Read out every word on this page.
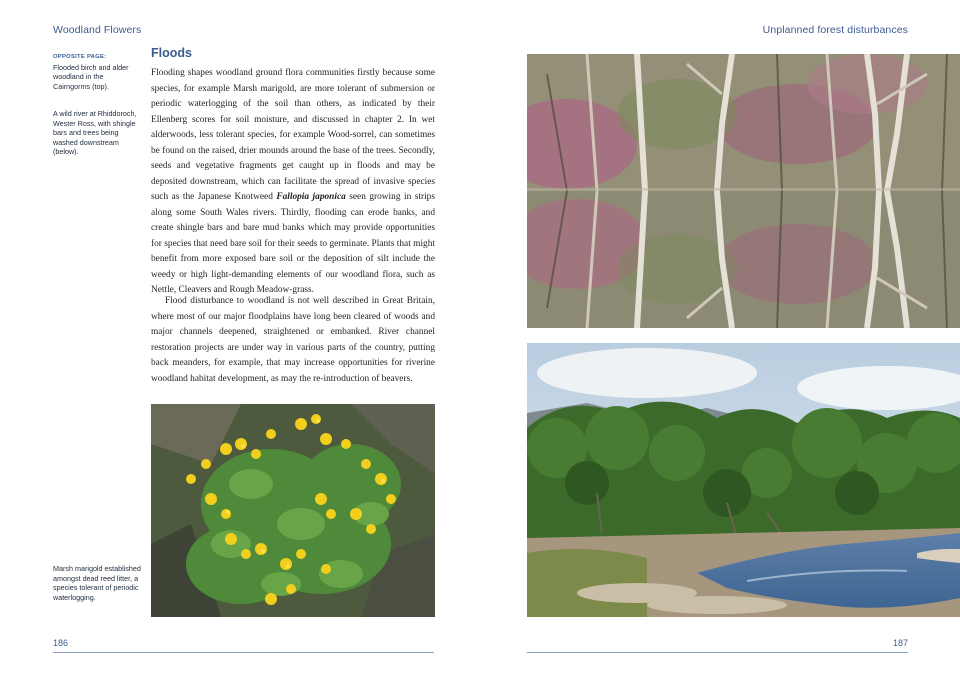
Woodland Flowers	Unplanned forest disturbances
OPPOSITE PAGE:
Flooded birch and alder woodland in the Cairngorms (top).
A wild river at Rhiddoroch, Wester Ross, with shingle bars and trees being washed downstream (below).
Marsh marigold established amongst dead reed litter, a species tolerant of periodic waterlogging.
Floods

Flooding shapes woodland ground flora communities firstly because some species, for example Marsh marigold, are more tolerant of submersion or periodic waterlogging of the soil than others, as indicated by their Ellenberg scores for soil moisture, and discussed in chapter 2. In wet alderwoods, less tolerant species, for example Wood-sorrel, can sometimes be found on the raised, drier mounds around the base of the trees. Secondly, seeds and vegetative fragments get caught up in floods and may be deposited downstream, which can facilitate the spread of invasive species such as the Japanese Knotweed Fallopia japonica seen growing in strips along some South Wales rivers. Thirdly, flooding can erode banks, and create shingle bars and bare mud banks which may provide opportunities for species that need bare soil for their seeds to germinate. Plants that might benefit from more exposed bare soil or the deposition of silt include the weedy or high light-demanding elements of our woodland flora, such as Nettle, Cleavers and Rough Meadow-grass.

Flood disturbance to woodland is not well described in Great Britain, where most of our major floodplains have long been cleared of woods and major channels deepened, straightened or embanked. River channel restoration projects are under way in various parts of the country, putting back meanders, for example, that may increase opportunities for riverine woodland habitat development, as may the re-introduction of beavers.

186	187
